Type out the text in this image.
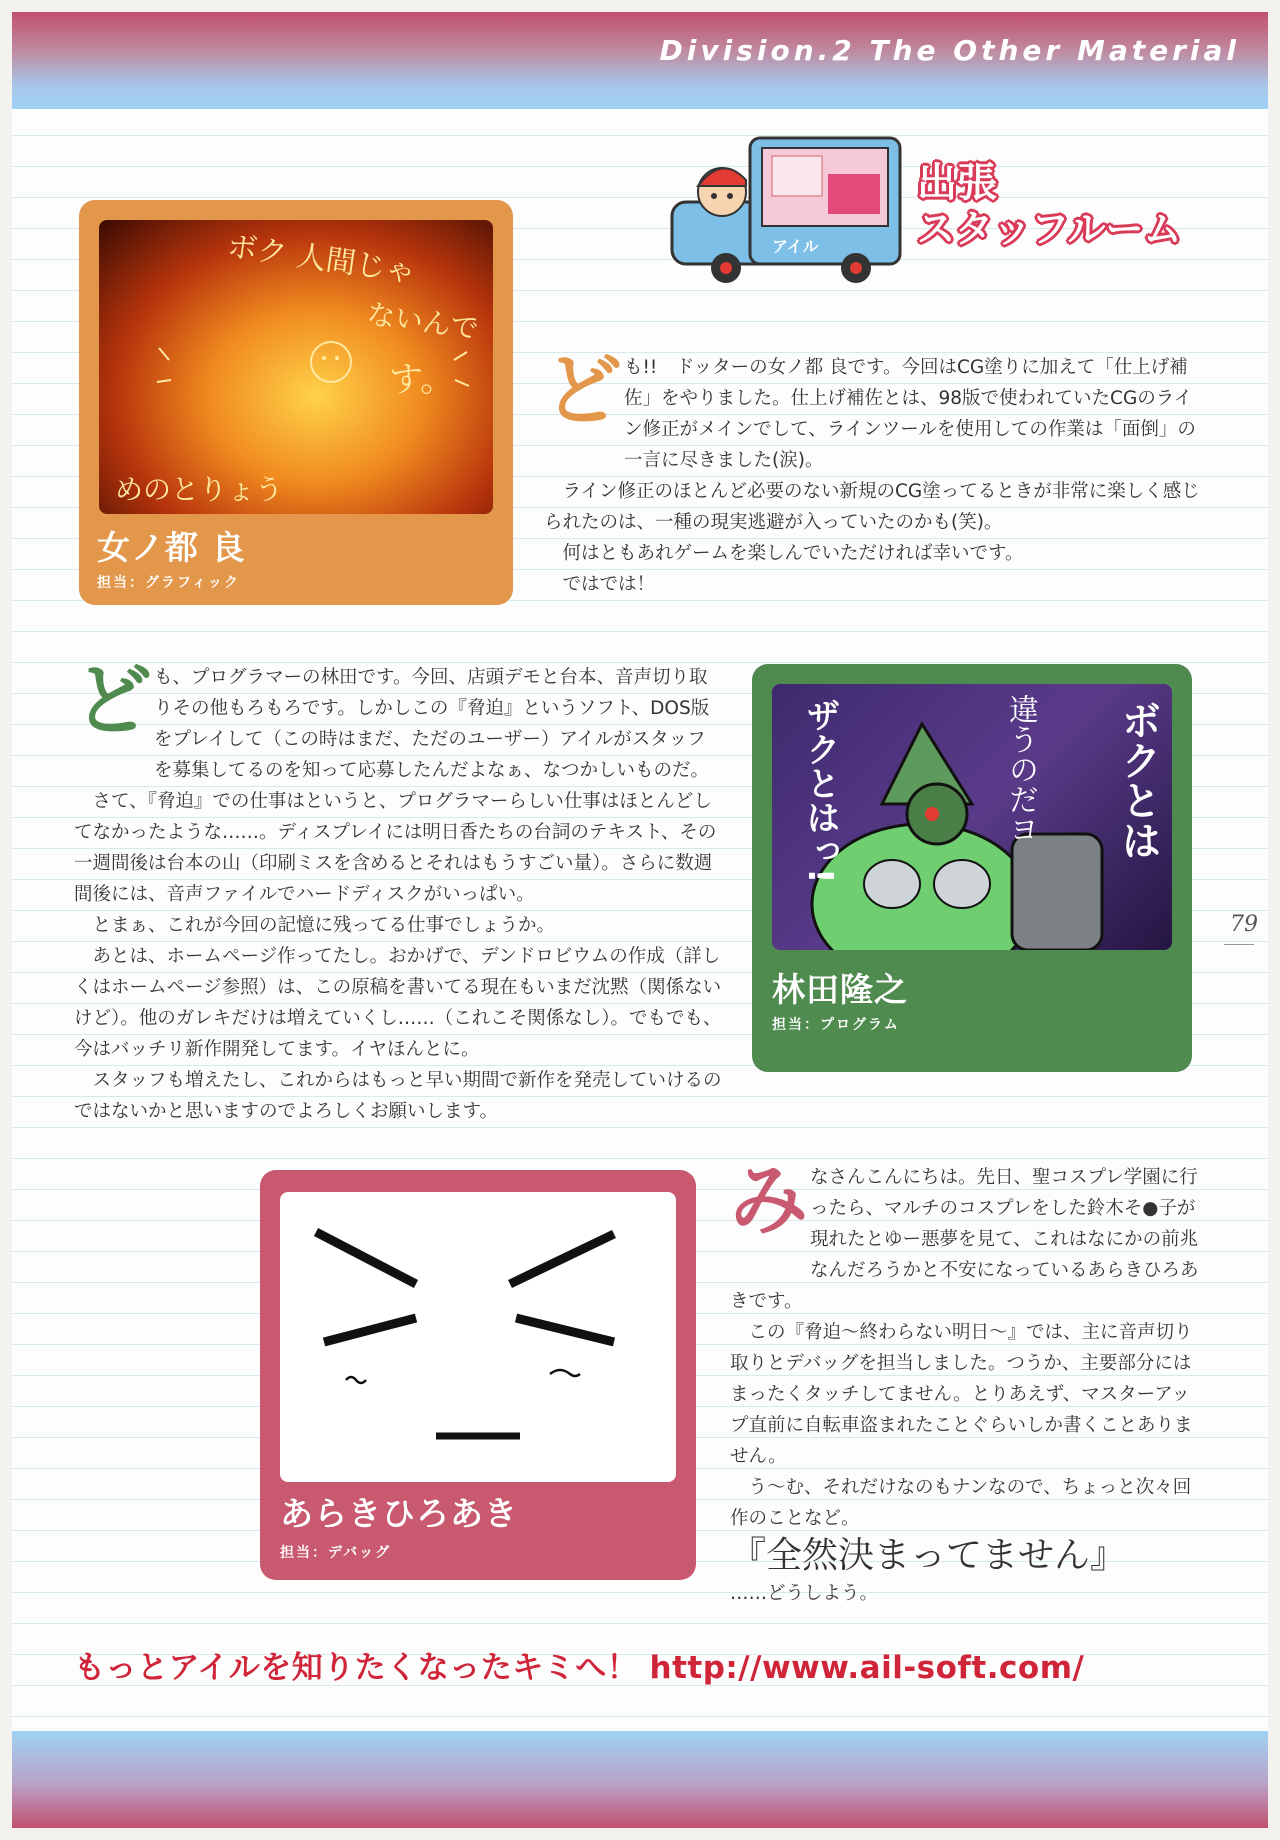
Division.2 The Other Material
アイル
出張
スタッフルーム
ボク 人間じゃ
ないんで
す。
めのとりょう
女ノ都 良
担当：グラフィック
ど も!!　ドッターの女ノ都 良です。今回はCG塗りに加えて「仕上げ補佐」をやりました。仕上げ補佐とは、98版で使われていたCGのライン修正がメインでして、ラインツールを使用しての作業は「面倒」の一言に尽きました(涙)。

ライン修正のほとんど必要のない新規のCG塗ってるときが非常に楽しく感じられたのは、一種の現実逃避が入っていたのかも(笑)。

何はともあれゲームを楽しんでいただければ幸いです。

ではでは！

ど も、プログラマーの林田です。今回、店頭デモと台本、音声切り取りその他もろもろです。しかしこの『脅迫』というソフト、DOS版をプレイして（この時はまだ、ただのユーザー）アイルがスタッフを募集してるのを知って応募したんだよなぁ、なつかしいものだ。

さて、『脅迫』での仕事はというと、プログラマーらしい仕事はほとんどしてなかったような……。ディスプレイには明日香たちの台詞のテキスト、その一週間後は台本の山（印刷ミスを含めるとそれはもうすごい量）。さらに数週間後には、音声ファイルでハードディスクがいっぱい。

とまぁ、これが今回の記憶に残ってる仕事でしょうか。

あとは、ホームページ作ってたし。おかげで、デンドロビウムの作成（詳しくはホームページ参照）は、この原稿を書いてる現在もいまだ沈黙（関係ないけど）。他のガレキだけは増えていくし……（これこそ関係なし）。でもでも、今はバッチリ新作開発してます。イヤほんとに。

スタッフも増えたし、これからはもっと早い期間で新作を発売していけるのではないかと思いますのでよろしくお願いします。

ボクとは
違うのだヨ
ザクとはっ!
林田隆之
担当：プログラム
79
あらきひろあき
担当：デバッグ
み なさんこんにちは。先日、聖コスプレ学園に行ったら、マルチのコスプレをした鈴木そ●子が現れたとゆー悪夢を見て、これはなにかの前兆なんだろうかと不安になっているあらきひろあきです。

この『脅迫～終わらない明日～』では、主に音声切り取りとデバッグを担当しました。つうか、主要部分にはまったくタッチしてません。とりあえず、マスターアップ直前に自転車盗まれたことぐらいしか書くことありません。

う～む、それだけなのもナンなので、ちょっと次々回作のことなど。

『全然決まってません』

……どうしよう。

もっとアイルを知りたくなったキミへ！ http://www.ail-soft.com/
